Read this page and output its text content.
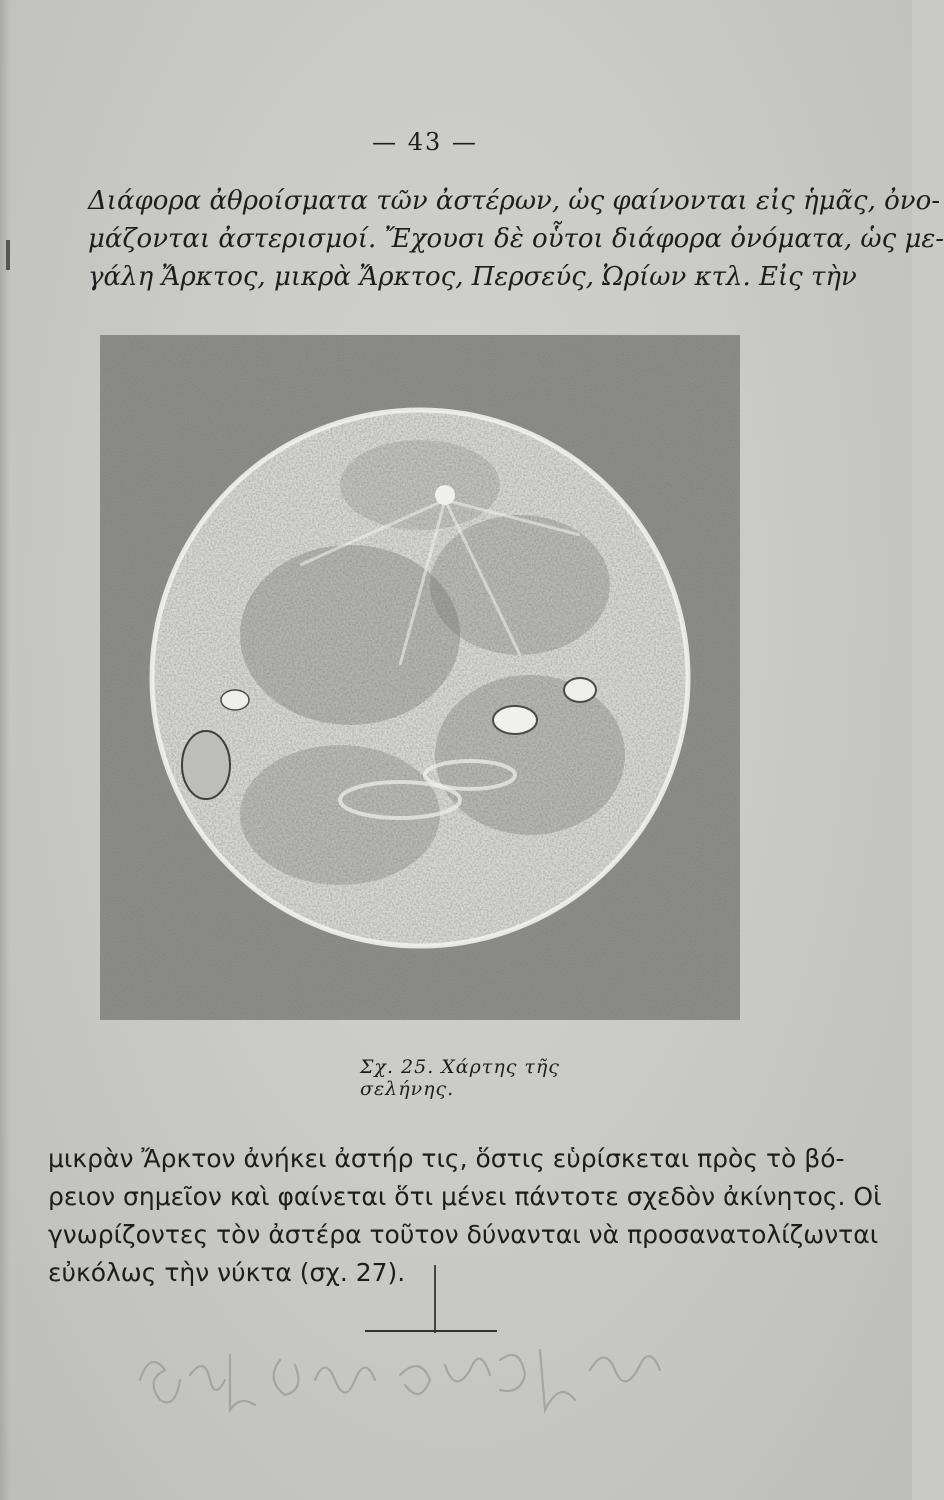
— 43 —

Διάφορα ἀθροίσματα τῶν ἀστέρων, ὡς φαίνονται εἰς ἡμᾶς, ὀνο-
μάζονται ἀστερισμοί. Ἔχουσι δὲ οὗτοι διάφορα ὀνόματα, ὡς με-
γάλη Ἄρκτος, μικρὰ Ἄρκτος, Περσεύς, Ὠρίων κτλ. Εἰς τὴν

Σχ. 25. Χάρτης τῆς σελήνης.

μικρὰν Ἄρκτον ἀνήκει ἀστήρ τις, ὅστις εὑρίσκεται πρὸς τὸ βό-
ρειον σημεῖον καὶ φαίνεται ὅτι μένει πάντοτε σχεδὸν ἀκίνητος. Οἱ
γνωρίζοντες τὸν ἀστέρα τοῦτον δύνανται νὰ προσανατολίζωνται
εὐκόλως τὴν νύκτα (σχ. 27).
